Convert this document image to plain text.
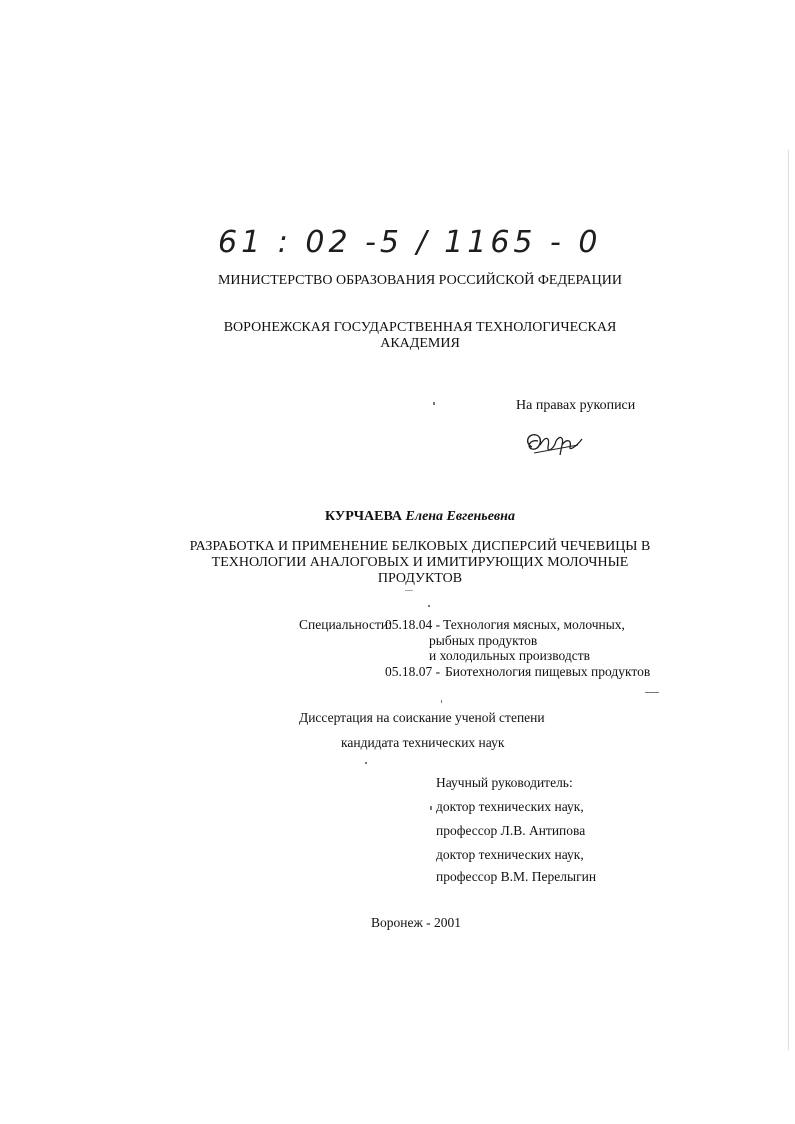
61 : 02 -5 / 1165 - 0
МИНИСТЕРСТВО ОБРАЗОВАНИЯ РОССИЙСКОЙ ФЕДЕРАЦИИ
ВОРОНЕЖСКАЯ ГОСУДАРСТВЕННАЯ ТЕХНОЛОГИЧЕСКАЯ
АКАДЕМИЯ
На правах рукописи
КУРЧАЕВА Елена Евгеньевна
РАЗРАБОТКА И ПРИМЕНЕНИЕ БЕЛКОВЫХ ДИСПЕРСИЙ ЧЕЧЕВИЦЫ В
ТЕХНОЛОГИИ АНАЛОГОВЫХ И ИМИТИРУЮЩИХ МОЛОЧНЫЕ
ПРОДУКТОВ
Специальности:
05.18.04 - Технология мясных, молочных,
рыбных продуктов
и холодильных производств
05.18.07 - Биотехнология пищевых продуктов
Диссертация на соискание ученой степени
кандидата технических наук
Научный руководитель:
доктор технических наук,
профессор Л.В. Антипова
доктор технических наук,
профессор В.М. Перелыгин
Воронеж - 2001
